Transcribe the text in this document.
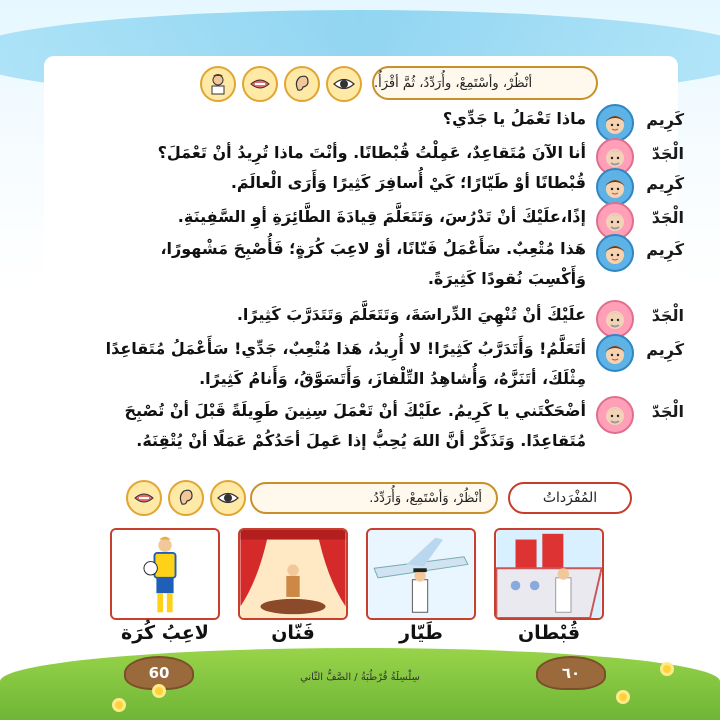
أنْظُرْ، وأسْتَمِعْ، وأُرَدِّدُ، ثُمَّ أقْرَأُ.
كَرِيم
ماذا تَعْمَلُ يا جَدِّي؟
الْجَدّ
أنا الآنَ مُتَقاعِدٌ، عَمِلْتُ قُبْطانًا. وأنْتَ ماذا تُرِيدُ أنْ تَعْمَلَ؟
كَرِيم
قُبْطانًا أوْ طَيّارًا؛ كَيْ أُسافِرَ كَثِيرًا وَأَرَى الْعالَمَ.
الْجَدّ
إذًا،علَيْكَ أنْ تَدْرُسَ، وَتَتَعَلَّمَ قِيادَةَ الطَّائِرَةِ أوِ السَّفِينَةِ.
كَرِيم
هَذا مُتْعِبٌ. سَأَعْمَلُ فَنّانًا، أوْ لاعِبَ كُرَةٍ؛ فَأُصْبِحَ مَشْهورًا، وَأَكْسِبَ نُقودًا كَثِيرَةً.
الْجَدّ
علَيْكَ أنْ تُنْهِيَ الدِّراسَةَ، وَتَتَعَلَّمَ وَتَتَدَرَّبَ كَثِيرًا.
كَرِيم
أتَعَلَّمُ! وَأَتَدَرَّبُ كَثِيرًا! لا أُرِيدُ، هَذا مُتْعِبٌ، جَدِّي! سَأَعْمَلُ مُتَقاعِدًا مِثْلَكَ، أتَنَزَّهُ، وَأُشاهِدُ التِّلْفازَ، وَأَتَسَوَّقُ، وَأَنامُ كَثِيرًا.
الْجَدّ
أضْحَكْتَني يا كَرِيمُ. علَيْكَ أنْ تَعْمَلَ سِنِينَ طَوِيلَةً قَبْلَ أنْ تُصْبِحَ مُتَقاعِدًا. وَتَذَكَّرْ أنَّ اللهَ يُحِبُّ إذا عَمِلَ أحَدُكُمْ عَمَلًا أنْ يُتْقِنَهُ.
المُفْرَداتُ
أنْظُرْ، وَأسْتَمِعْ، وَأُرَدِّدُ.
قُبْطان
طَيّار
فَنّان
لاعِبُ كُرَة
60	٦٠
سِلْسِلَةُ قُرْطُبَةُ / الصَّفُّ الثّاني
